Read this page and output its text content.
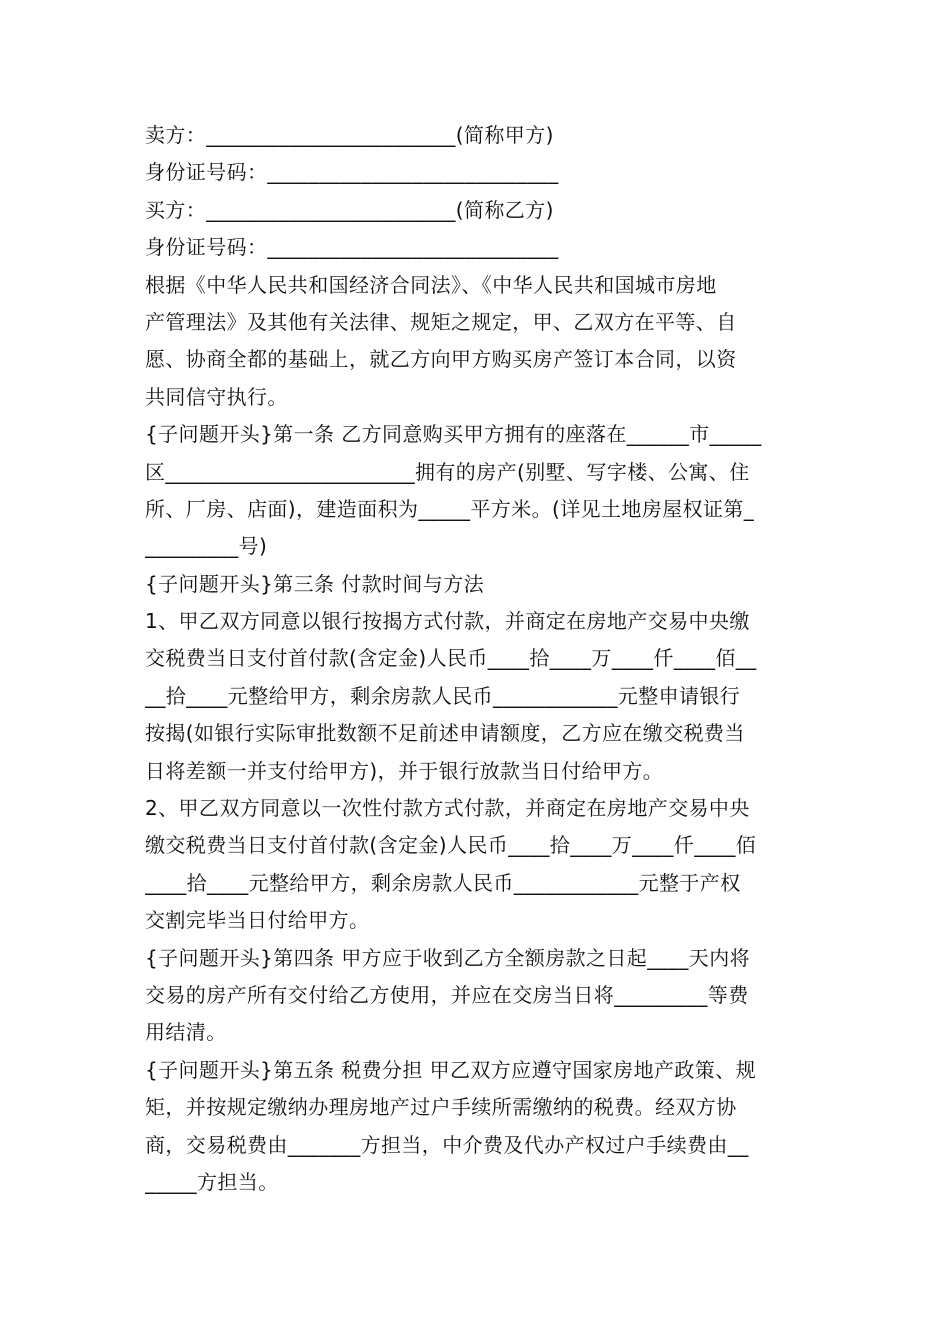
卖方：________________________(简称甲方)
身份证号码：____________________________
买方：________________________(简称乙方)
身份证号码：____________________________
根据《中华人民共和国经济合同法》、《中华人民共和国城市房地
产管理法》及其他有关法律、规矩之规定，甲、乙双方在平等、自
愿、协商全都的基础上，就乙方向甲方购买房产签订本合同，以资
共同信守执行。
{子问题开头}第一条 乙方同意购买甲方拥有的座落在______市_____
区________________________拥有的房产(别墅、写字楼、公寓、住
所、厂房、店面)，建造面积为_____平方米。(详见土地房屋权证第_
_________号)
{子问题开头}第三条 付款时间与方法
1、甲乙双方同意以银行按揭方式付款，并商定在房地产交易中央缴
交税费当日支付首付款(含定金)人民币____拾____万____仟____佰__
__拾____元整给甲方，剩余房款人民币____________元整申请银行
按揭(如银行实际审批数额不足前述申请额度，乙方应在缴交税费当
日将差额一并支付给甲方)，并于银行放款当日付给甲方。
2、甲乙双方同意以一次性付款方式付款，并商定在房地产交易中央
缴交税费当日支付首付款(含定金)人民币____拾____万____仟____佰
____拾____元整给甲方，剩余房款人民币____________元整于产权
交割完毕当日付给甲方。
{子问题开头}第四条 甲方应于收到乙方全额房款之日起____天内将
交易的房产所有交付给乙方使用，并应在交房当日将_________等费
用结清。
{子问题开头}第五条 税费分担 甲乙双方应遵守国家房地产政策、规
矩，并按规定缴纳办理房地产过户手续所需缴纳的税费。经双方协
商，交易税费由_______方担当，中介费及代办产权过户手续费由__
_____方担当。
